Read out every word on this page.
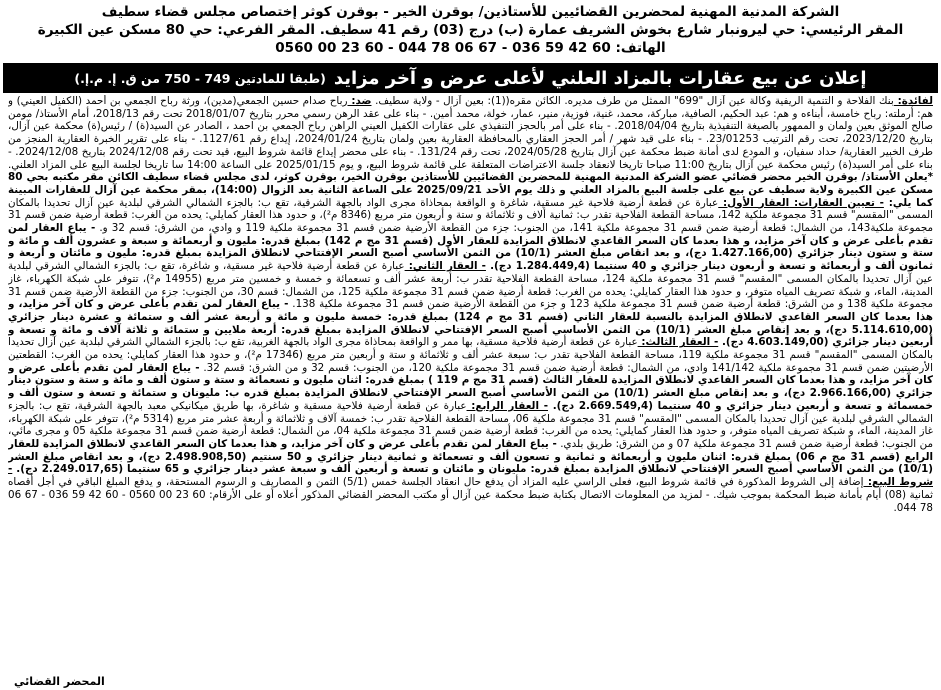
الشركة المدنية المهنية لمحضرين القضائيين للأستاذين/ بوقرن الخير - بوقرن كوثر إختصاص مجلس قضاء سطيف
المقر الرئيسي: حي ليرونبار شارع بخوش الشريف عمارة (ب) درج (03) رقم 41 سطيف. المقر الفرعي: حي 80 مسكن عين الكبيرة
الهاتف: 60 42 59 036 - 67 06 78 044 - 60 23 00 0560
إعلان عن بيع عقارات بالمزاد العلني لأعلى عرض و آخر مزايد
(طبقا للمادتين 749 - 750 من ق. إ. م.إ.)

لفائدة: بنك الفلاحة و التنمية الريفية وكالة عين آزال "699" الممثل من طرف مديره. الكائن مقره((1): بعين آزال - ولاية سطيف. ضد: رباح صدام حسين الجمعي(مدين)، ورثة رباح الجمعي بن أحمد (الكفيل العيني) و هم: أرملته: رباح خامسة، أبناءه و هم: عبد الحكيم، الصافية، مباركة، محمد، غنية، فوزية، منير، عمار، خولة، محمد أمين. - بناء على عقد الرهن رسمي محرر بتاريخ 2018/01/07 تحت رقم 2018/13، أمام الأستاذ/ مومن صالح الموثق بعين ولمان و الممهور بالصيغة التنفيذية بتاريخ 2018/04/04. - بناء على أمر بالحجز التنفيذي على عقارات الكفيل العيني الراهن رباح الجمعي بن احمد ، الصادر عن السيد(ة) / رئيس(ة) محكمة عين آزال، بتاريخ 2023/12/20، تحت رقم الترتيب 23/01253. - بناء على قيد شهر / أمر الحجز العقاري بالمحافظة العقارية بعين ولمان بتاريخ 2024/01/24، إيداع رقم 1127/61. - بناء على تقرير الخبرة العقارية المنجز من طرف الخبير العقارية/ حداد سفيان، و المودع لدى أمانة ضبط محكمة عين آزال بتاريخ 2024/05/28، تحت رقم 131/24. - بناء على محضر إيداع قائمة شروط البيع، قيد تحت رقم 2024/12/08 بتاريخ 2024/12/08. - بناء على أمر السيد(ة) رئيس محكمة عين آزال بتاريخ 11:00 صباحا تاريخا لانعقاد جلسة الاعتراضات المتعلقة على قائمة شروط البيع، و يوم 2025/01/15 على الساعة 14:00 سا تاريخا لجلسة البيع على المزاد العلني. *يعلن الأستاذ/ بوقرن الخير محضر قضائي عضو الشركة المدنية المهنية للمحضرين القضائيين للأستاذين بوقرن الخير، بوقرن كوثر، لدى مجلس قضاء سطيف الكائن مقر مكتبه بحي 80 مسكن عين الكبيرة ولاية سطيف عن بيع على جلسة البيع بالمزاد العلني و ذلك يوم الأحد 2025/09/21 على الساعة الثانية بعد الزوال (14:00)، بمقر محكمة عين آزال للعقارات المبينة كما يلي: - تعيين العقارات: العقار الأول: عبارة عن قطعة أرضية فلاحية غير مسقية، شاغرة و الواقعة بمحاذاة مجرى الواد بالجهة الشرقية، تقع ب: بالجزء الشمالي الشرقي لبلدية عين آزال تحديدا بالمكان المسمى "المقسم" قسم 31 مجموعة ملكية 142، مساحة القطعة الفلاحية تقدر ب: ثمانية ألاف و ثلاثمائة و ستة و أربعون متر مربع (8346 م²)، و حدود هذا العقار كمايلي: يحده من الغرب: قطعة أرضية ضمن قسم 31 مجموعة ملكية143، من الشمال: قطعة أرضية ضمن قسم 31 مجموعة ملكية 141، من الجنوب: جزء من القطعة الأرضية ضمن قسم 31 مجموعة ملكية 119 و وادي، من الشرق: قسم 32 و. - يباع العقار لمن تقدم بأعلى عرض و كان آخر مزايد، و هذا بعدما كان السعر القاعدي لانطلاق المزايدة للعقار الأول (قسم 31 مج م 142) بمبلغ قدره: مليون و أربعمائة و سبعة و عشرون ألف و مائة و ستة و ستون دينار جزائري (1.427.166,00 دج)، و بعد انقاص مبلغ العشر (10/1) من الثمن الأساسي أصبح السعر الإفتتاحي لانطلاق المزايدة بمبلغ قدره: مليون و مائتان و أربعة و ثمانون ألف و أربعمائة و تسعة و أربعون دينار جزائري و 40 سنتيما (1.284.449,4 دج). - العقار الثاني: عبارة عن قطعة أرضية فلاحية غير مسقية، و شاغرة، تقع ب: بالجزء الشمالي الشرقي لبلدية عين آزال تحديدا بالمكان المسمى "المقسم" قسم 31 مجموعة ملكية 124، مساحة القطعة الفلاحية تقدر ب: أربعة عشر ألف و تسعمائة و خمسة و خمسين متر مربع (14955 م²)، تتوفر على شبكة الكهرباء، غاز المدينة، الماء، و شبكة تصريف المياه متوفر، و حدود هذا العقار كمايلي: يحده من الغرب: قطعة أرضية ضمن قسم 31 مجموعة ملكية 125، من الشمال: قسم 30، من الجنوب: جزء من القطعة الأرضية ضمن قسم 31 مجموعة ملكية 138 و من الشرق: قطعة أرضية ضمن قسم 31 مجموعة ملكية 123 و جزء من القطعة الأرضية ضمن قسم 31 مجموعة ملكية 138. - يباع العقار لمن تقدم بأعلى عرض و كان آخر مزايد، و هذا بعدما كان السعر القاعدي لانطلاق المزايدة بالنسبة للعقار الثاني (قسم 31 مج م 124) بمبلغ قدره: خمسة مليون و مائة و أربعة عشر ألف و ستمائة و عشرة دينار جزائري (5.114.610,00 دج)، و بعد إنقاص مبلغ العشر (10/1) من الثمن الأساسي أصبح السعر الإفتتاحي لانطلاق المزايدة بمبلغ قدره: أربعة ملايين و ستمائة و ثلاثة آلاف و مائة و تسعة و أربعين دينار جزائري (4.603.149,00 دج). - العقار الثالث: عبارة عن قطعة أرضية فلاحية مسقية، بها ممر و الواقعة بمحاذاة مجرى الواد بالجهة الغربية، تقع ب: بالجزء الشمالي الشرقي لبلدية عين آزال تحديدا بالمكان المسمى "المقسم" قسم 31 مجموعة ملكية 119، مساحة القطعة الفلاحية تقدر ب: سبعة عشر ألف و ثلاثمائة و ستة و أربعين متر مربع (17346 م²)، و حدود هذا العقار كمايلي: يحده من الغرب: القطعتين الأرضيتين ضمن قسم 31 مجموعة ملكية 141/142 وادي، من الشمال: قطعة أرضية ضمن قسم 31 مجموعة ملكية 120، من الجنوب: قسم 32 و من الشرق: قسم 32. - يباع العقار لمن تقدم بأعلى عرض و كان آخر مزايد، و هذا بعدما كان السعر القاعدي لانطلاق المزايدة للعقار الثالث (قسم 31 مج م 119 ) بمبلغ قدره: اثنان مليون و تسعمائة و ستة و ستون ألف و مائة و ستة و ستون دينار جزائري (2.966.166,00 دج)، و بعد إنقاص مبلغ العشر (10/1) من الثمن الأساسي أصبح السعر الإفتتاحي لانطلاق المزايدة بمبلغ قدره ب: مليونان و ستمائة و تسعة و ستون ألف و خمسمائة و تسعة و أربعين دينار جزائري و 40 سنتيما (2.669.549,4 دج). - العقار الرابع: عبارة عن قطعة أرضية فلاحية مسقية و شاغرة، بها طريق ميكانيكي معبد بالجهة الشرقية، تقع ب: بالجزء الشمالي الشرقي لبلدية عين آزال تحديدا بالمكان المسمى "المقسم" قسم 31 مجموعة ملكية 06، مساحة القطعة الفلاحية تقدر ب: خمسة آلاف و ثلاثمائة و أربعة عشر متر مربع (5314 م²)، تتوفر على شبكة الكهرباء، غاز المدينة، الماء، و شبكة تصريف المياه متوفر، و حدود هذا العقار كمايلي: يحده من الغرب: قطعة أرضية ضمن قسم 31 مجموعة ملكية 04، من الشمال: قطعة أرضية ضمن قسم 31 مجموعة ملكية 05 و مجرى مائي، من الجنوب: قطعة أرضية ضمن قسم 31 مجموعة ملكية 07 و من الشرق: طريق بلدي. - يباع العقار لمن تقدم بأعلى عرض و كان آخر مزايد، و هذا بعدما كان السعر القاعدي لانطلاق المزايدة للعقار الرابع (قسم 31 مج م 06) بمبلغ قدره: اثنان مليون و أربعمائة و ثمانية و تسعون ألف و تسعمائة و ثمانية دينار جزائري و 50 سنتيم (2.498.908,50 دج)، و بعد انقاص مبلغ العشر (10/1) من الثمن الأساسي أصبح السعر الإفتتاحي لانطلاق المزايدة بمبلغ قدره: مليونان و مائتان و تسعة و أربعين ألف و سبعة عشر دينار جزائري و 65 سنتيما (2.249.017,65 دج). - شروط البيع: إضافة إلى الشروط المذكورة في قائمة شروط البيع، فعلى الراسي عليه المزاد أن يدفع حال انعقاد الجلسة خمس (5/1) الثمن و المصاريف و الرسوم المستحقة، و يدفع المبلغ الباقي في أجل أقصاه ثمانية (08) أيام بأمانة ضبط المحكمة بموجب شيك. - لمزيد من المعلومات الاتصال بكتابة ضبط محكمة عين آزال أو مكتب المحضر القضائي المذكور أعلاه أو على الأرقام: 60 23 00 0560 - 60 42 59 036 - 67 06 78 044.

المحضر القضائي
